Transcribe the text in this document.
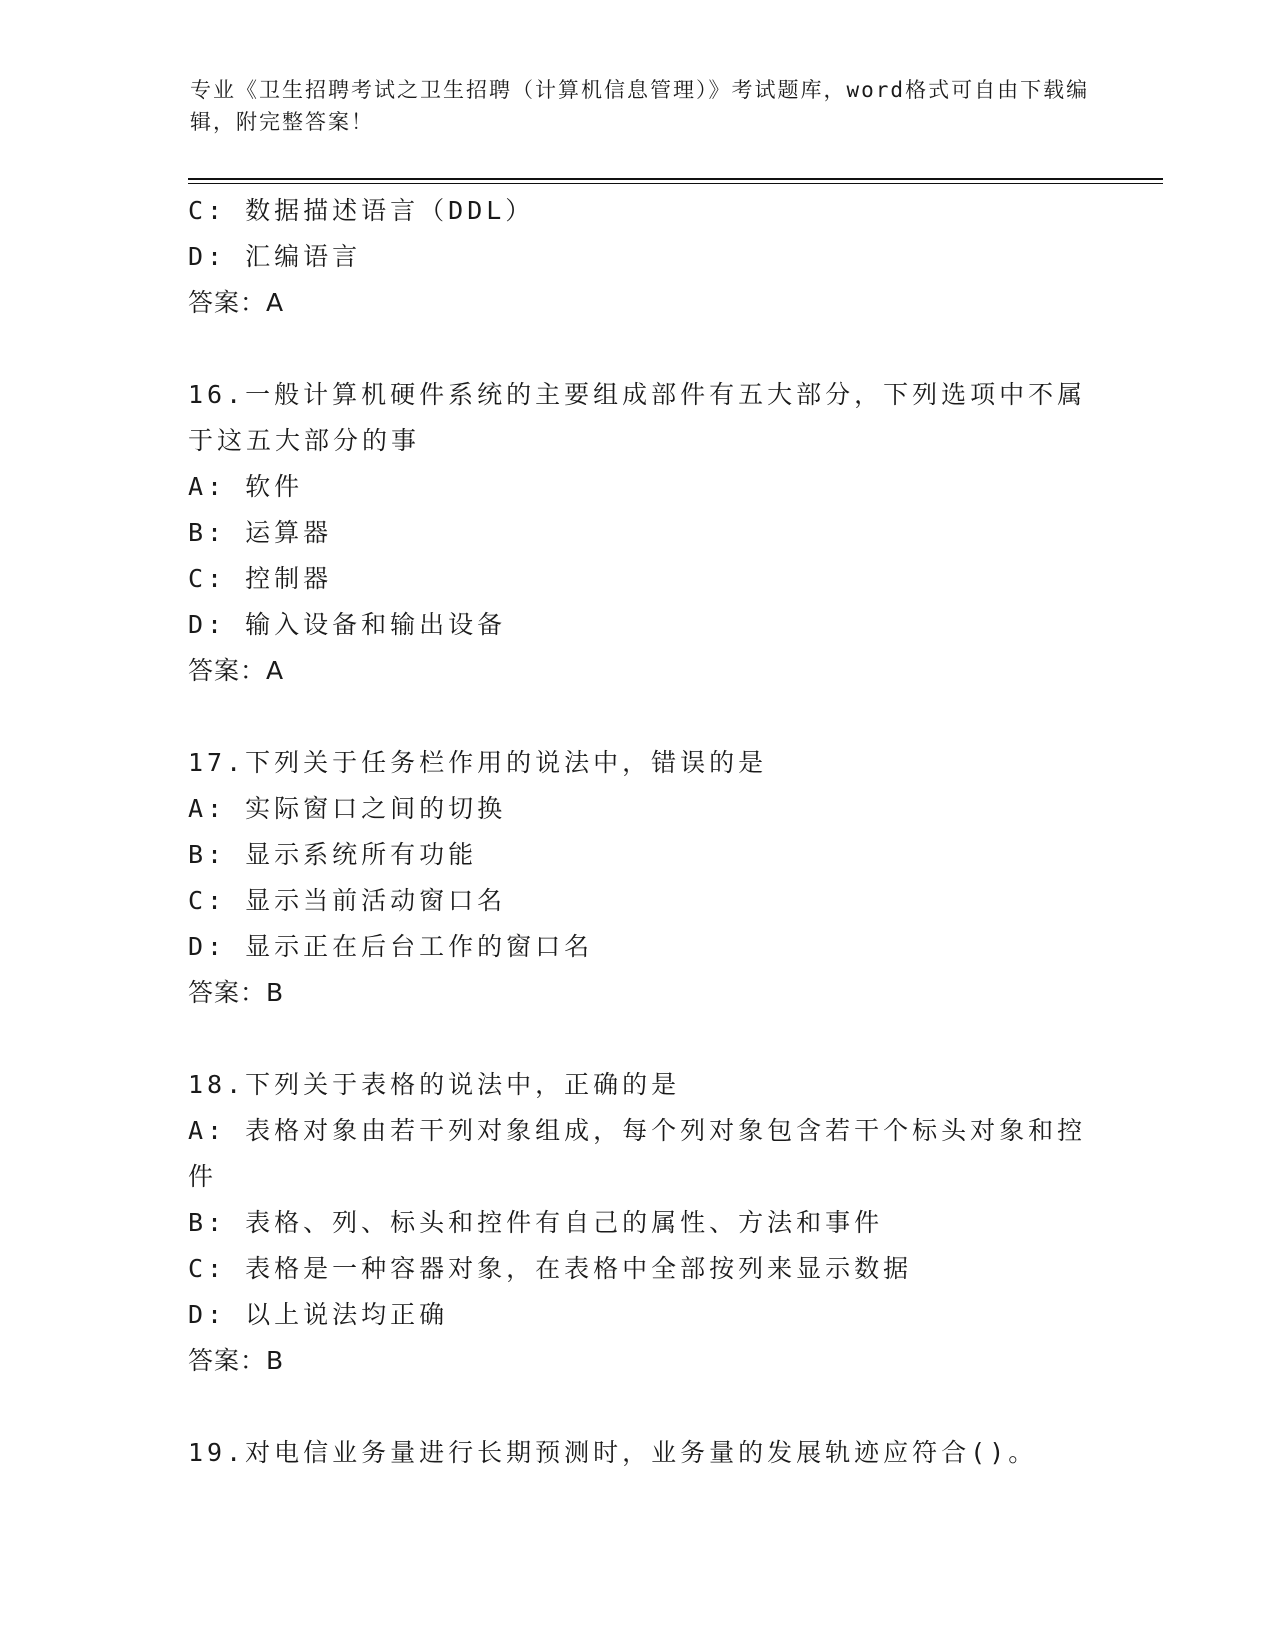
专业《卫生招聘考试之卫生招聘（计算机信息管理）》考试题库，word格式可自由下载编辑，附完整答案！
C: 数据描述语言（DDL）
D: 汇编语言
答案：A
16.一般计算机硬件系统的主要组成部件有五大部分，下列选项中不属
于这五大部分的事
A: 软件
B: 运算器
C: 控制器
D: 输入设备和输出设备
答案：A
17.下列关于任务栏作用的说法中，错误的是
A: 实际窗口之间的切换
B: 显示系统所有功能
C: 显示当前活动窗口名
D: 显示正在后台工作的窗口名
答案：B
18.下列关于表格的说法中，正确的是
A: 表格对象由若干列对象组成，每个列对象包含若干个标头对象和控
件
B: 表格、列、标头和控件有自己的属性、方法和事件
C: 表格是一种容器对象，在表格中全部按列来显示数据
D: 以上说法均正确
答案：B
19.对电信业务量进行长期预测时，业务量的发展轨迹应符合()。
